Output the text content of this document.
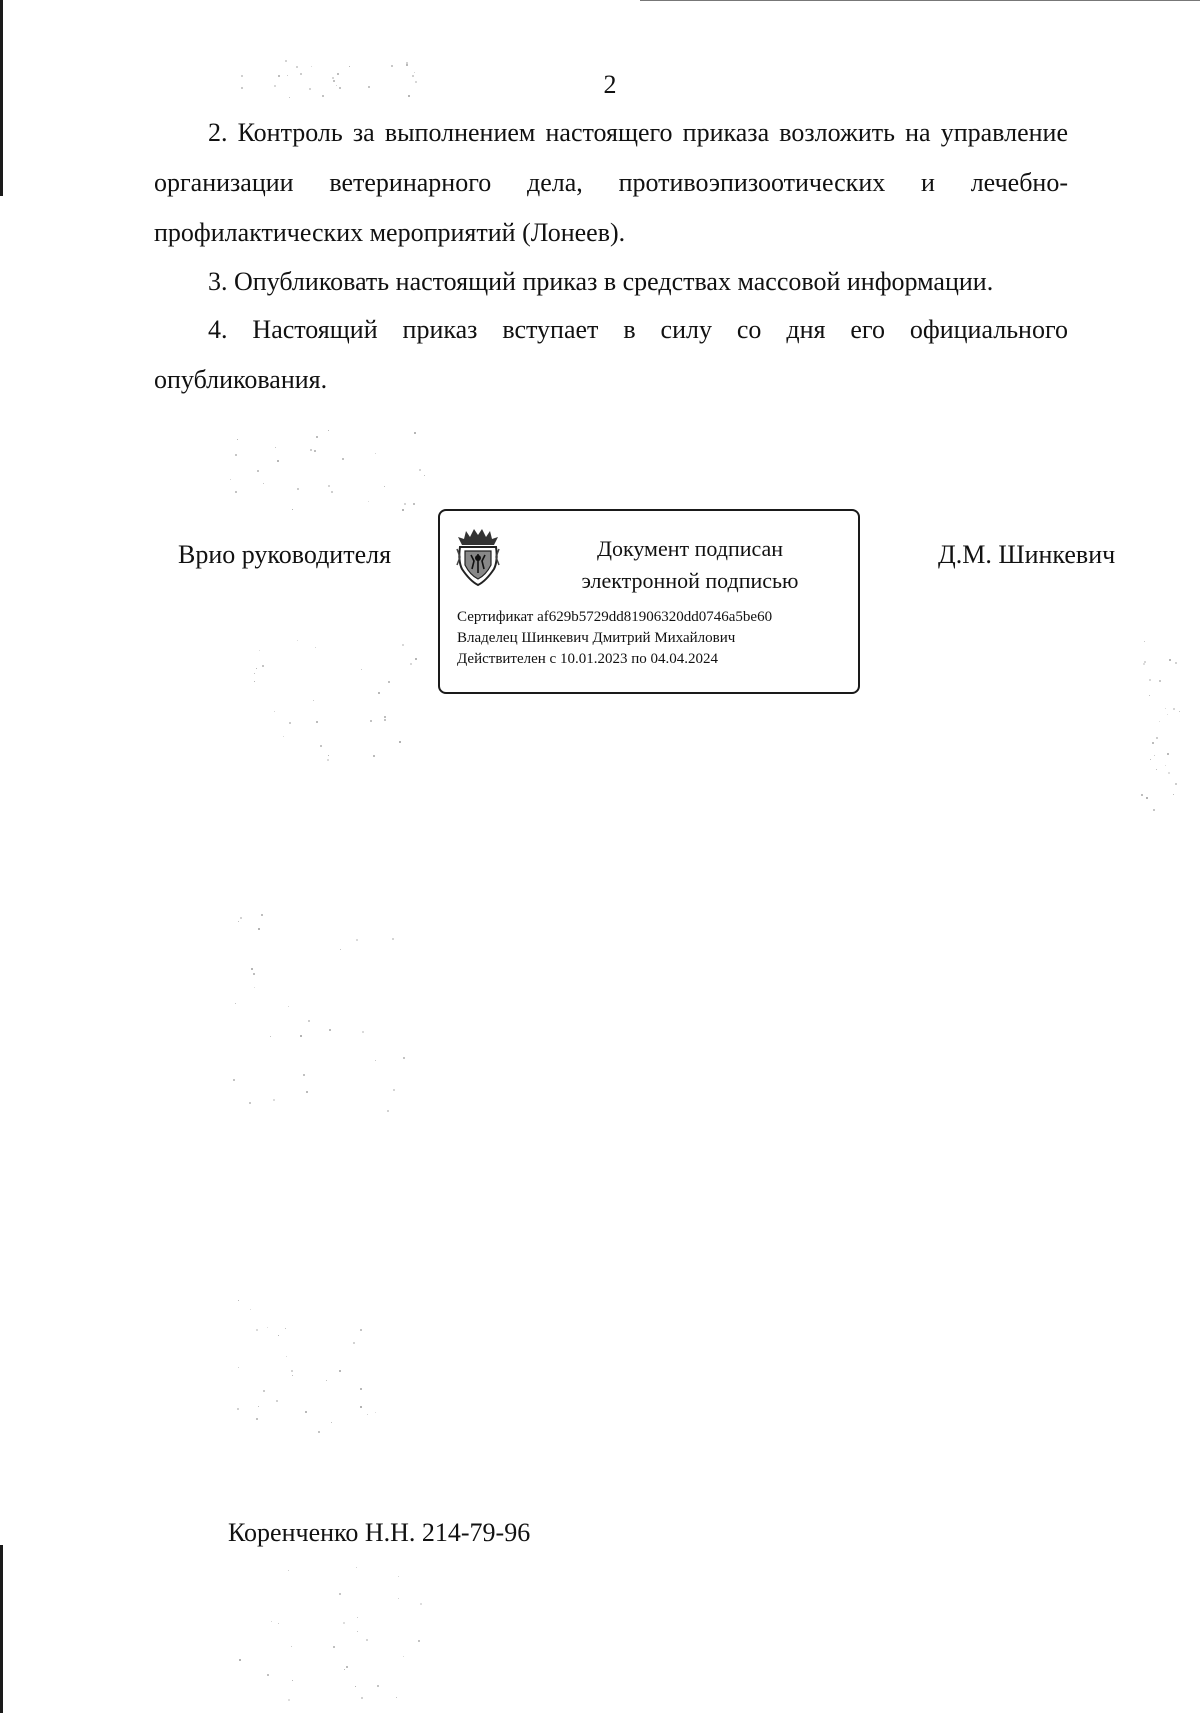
2
2. Контроль за выполнением настоящего приказа возложить на управление организации ветеринарного дела, противоэпизоотических и лечебно-профилактических мероприятий (Лонеев).
3. Опубликовать настоящий приказ в средствах массовой информации.
4. Настоящий приказ вступает в силу со дня его официального опубликования.
Врио руководителя	Документ подписан
электронной подписью
Сертификат af629b5729dd81906320dd0746a5be60
Владелец Шинкевич Дмитрий Михайлович
Действителен с 10.01.2023 по 04.04.2024
Д.М. Шинкевич
Коренченко Н.Н. 214-79-96
